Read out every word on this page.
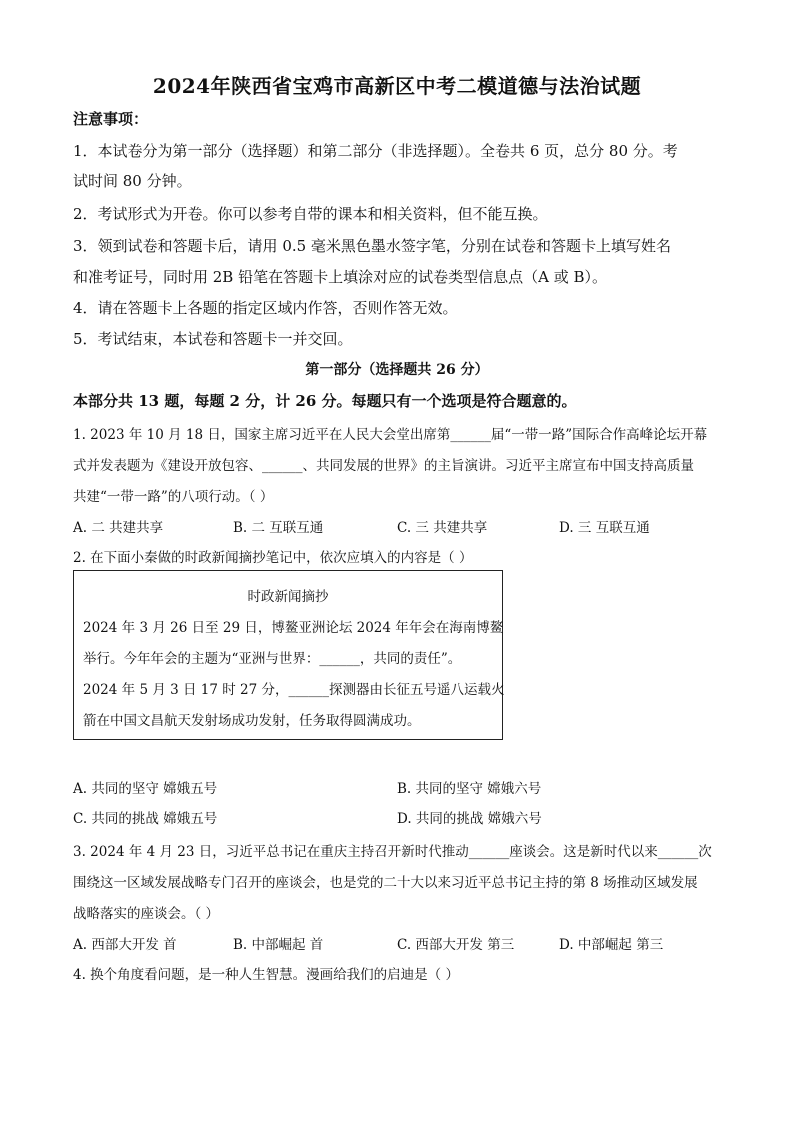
2024年陕西省宝鸡市高新区中考二模道德与法治试题
注意事项：
1．本试卷分为第一部分（选择题）和第二部分（非选择题）。全卷共 6 页，总分 80 分。考
试时间 80 分钟。
2．考试形式为开卷。你可以参考自带的课本和相关资料，但不能互换。
3．领到试卷和答题卡后，请用 0.5 毫米黑色墨水签字笔，分别在试卷和答题卡上填写姓名
和准考证号，同时用 2B 铅笔在答题卡上填涂对应的试卷类型信息点（A 或 B）。
4．请在答题卡上各题的指定区域内作答，否则作答无效。
5．考试结束，本试卷和答题卡一并交回。
第一部分（选择题共 26 分）
本部分共 13 题，每题 2 分，计 26 分。每题只有一个选项是符合题意的。
1. 2023 年 10 月 18 日，国家主席习近平在人民大会堂出席第______届“一带一路”国际合作高峰论坛开幕
式并发表题为《建设开放包容、______、共同发展的世界》的主旨演讲。习近平主席宣布中国支持高质量
共建“一带一路”的八项行动。（ ）
A. 二 共建共享	B. 二 互联互通	C. 三 共建共享	D. 三 互联互通
2. 在下面小秦做的时政新闻摘抄笔记中，依次应填入的内容是（ ）
时政新闻摘抄
2024 年 3 月 26 日至 29 日，博鳌亚洲论坛 2024 年年会在海南博鳌
举行。今年年会的主题为“亚洲与世界：______，共同的责任”。
2024 年 5 月 3 日 17 时 27 分，______探测器由长征五号遥八运载火
箭在中国文昌航天发射场成功发射，任务取得圆满成功。
A. 共同的坚守 嫦娥五号	B. 共同的坚守 嫦娥六号
C. 共同的挑战 嫦娥五号	D. 共同的挑战 嫦娥六号
3. 2024 年 4 月 23 日，习近平总书记在重庆主持召开新时代推动______座谈会。这是新时代以来______次
围绕这一区域发展战略专门召开的座谈会，也是党的二十大以来习近平总书记主持的第 8 场推动区域发展
战略落实的座谈会。（ ）
A. 西部大开发 首	B. 中部崛起 首	C. 西部大开发 第三	D. 中部崛起 第三
4. 换个角度看问题，是一种人生智慧。漫画给我们的启迪是（ ）
